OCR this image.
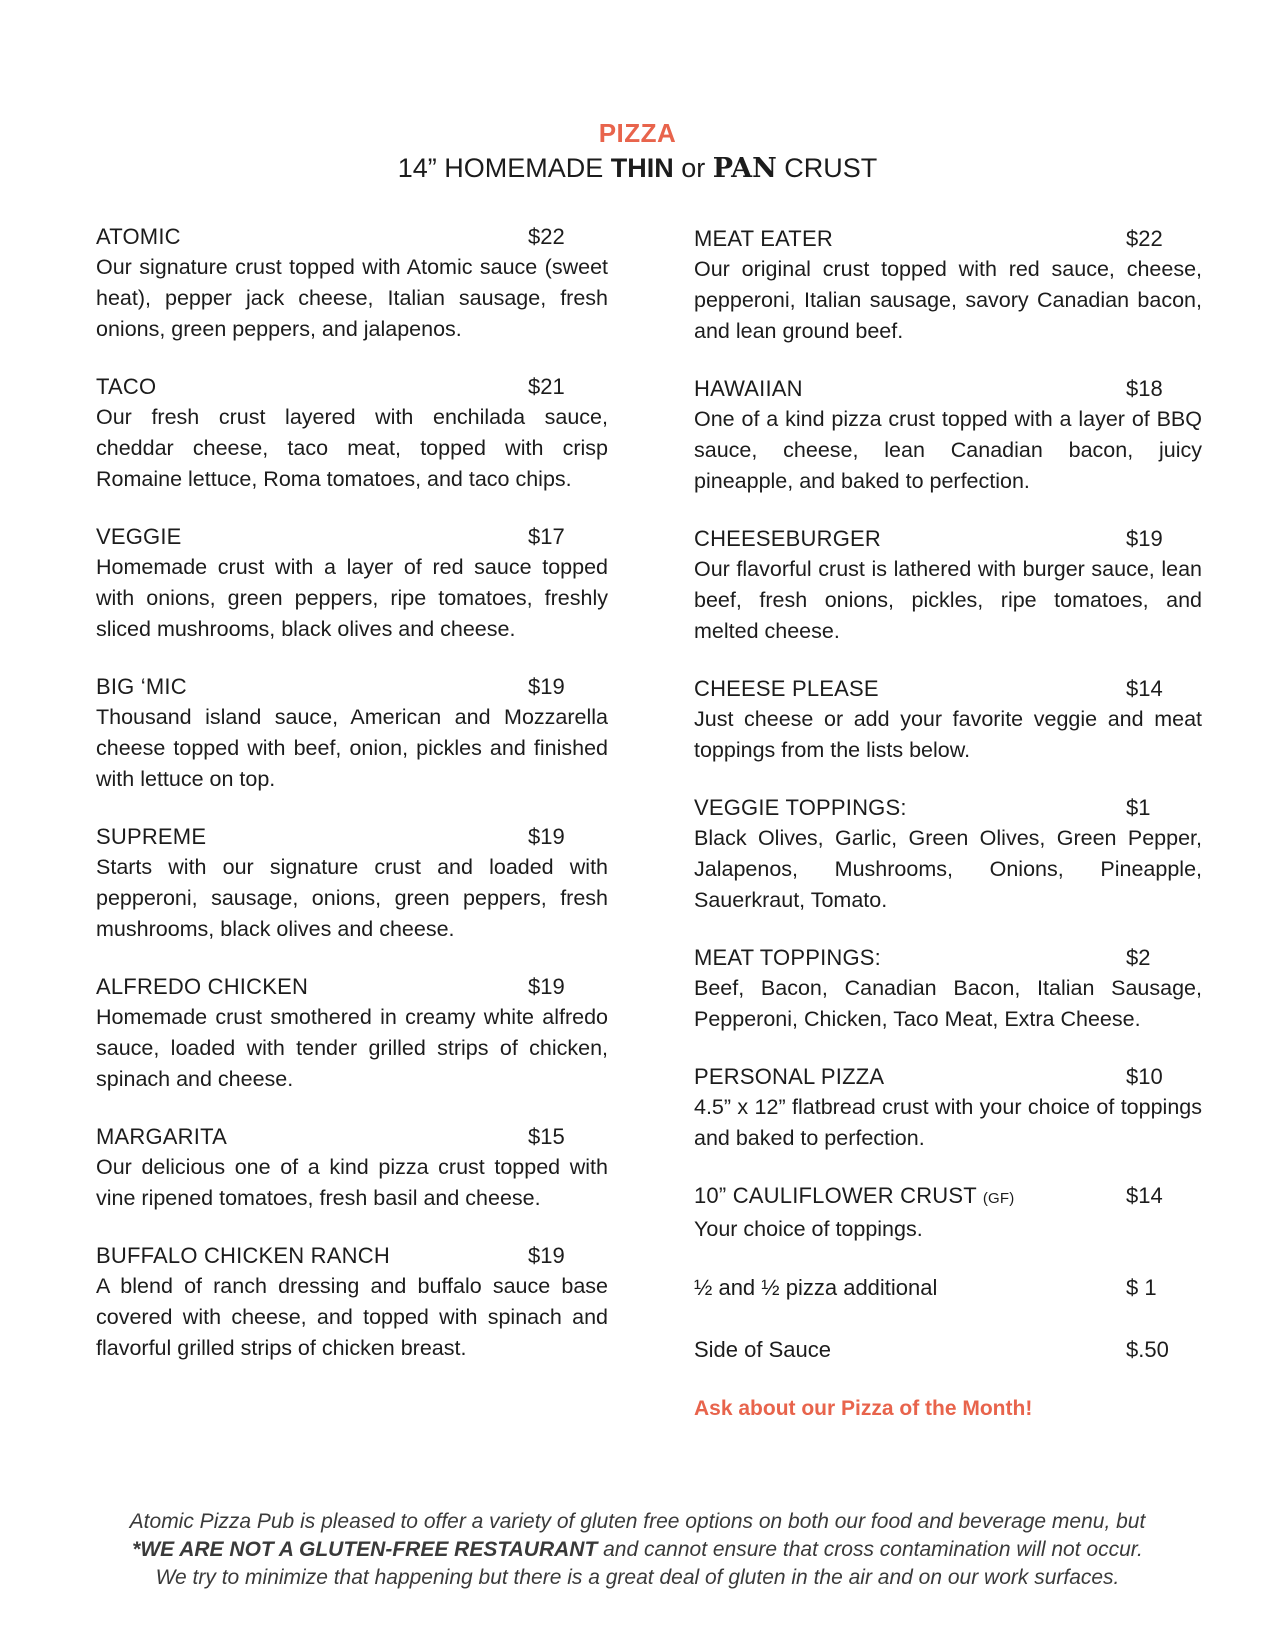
PIZZA
14” HOMEMADE THIN or PAN CRUST
ATOMIC	$22
Our signature crust topped with Atomic sauce (sweet heat), pepper jack cheese, Italian sausage, fresh onions, green peppers, and jalapenos.
TACO	$21
Our fresh crust layered with enchilada sauce, cheddar cheese, taco meat, topped with crisp Romaine lettuce, Roma tomatoes, and taco chips.
VEGGIE	$17
Homemade crust with a layer of red sauce topped with onions, green peppers, ripe tomatoes, freshly sliced mushrooms, black olives and cheese.
BIG ‘MIC	$19
Thousand island sauce, American and Mozzarella cheese topped with beef, onion, pickles and finished with lettuce on top.
SUPREME	$19
Starts with our signature crust and loaded with pepperoni, sausage, onions, green peppers, fresh mushrooms, black olives and cheese.
ALFREDO CHICKEN	$19
Homemade crust smothered in creamy white alfredo sauce, loaded with tender grilled strips of chicken, spinach and cheese.
MARGARITA	$15
Our delicious one of a kind pizza crust topped with vine ripened tomatoes, fresh basil and cheese.
BUFFALO CHICKEN RANCH	$19
A blend of ranch dressing and buffalo sauce base covered with cheese, and topped with spinach and flavorful grilled strips of chicken breast.
MEAT EATER	$22
Our original crust topped with red sauce, cheese, pepperoni, Italian sausage, savory Canadian bacon, and lean ground beef.
HAWAIIAN	$18
One of a kind pizza crust topped with a layer of BBQ sauce, cheese, lean Canadian bacon, juicy pineapple, and baked to perfection.
CHEESEBURGER	$19
Our flavorful crust is lathered with burger sauce, lean beef, fresh onions, pickles, ripe tomatoes, and melted cheese.
CHEESE PLEASE	$14
Just cheese or add your favorite veggie and meat toppings from the lists below.
VEGGIE TOPPINGS:	$1
Black Olives, Garlic, Green Olives, Green Pepper, Jalapenos, Mushrooms, Onions, Pineapple, Sauerkraut, Tomato.
MEAT TOPPINGS:	$2
Beef, Bacon, Canadian Bacon, Italian Sausage, Pepperoni, Chicken, Taco Meat, Extra Cheese.
PERSONAL PIZZA	$10
4.5” x 12” flatbread crust with your choice of toppings and baked to perfection.
10” CAULIFLOWER CRUST (GF)	$14
Your choice of toppings.
½ and ½ pizza additional	$ 1
Side of Sauce	$.50
Ask about our Pizza of the Month!
Atomic Pizza Pub is pleased to offer a variety of gluten free options on both our food and beverage menu, but
*WE ARE NOT A GLUTEN-FREE RESTAURANT and cannot ensure that cross contamination will not occur.
We try to minimize that happening but there is a great deal of gluten in the air and on our work surfaces.
